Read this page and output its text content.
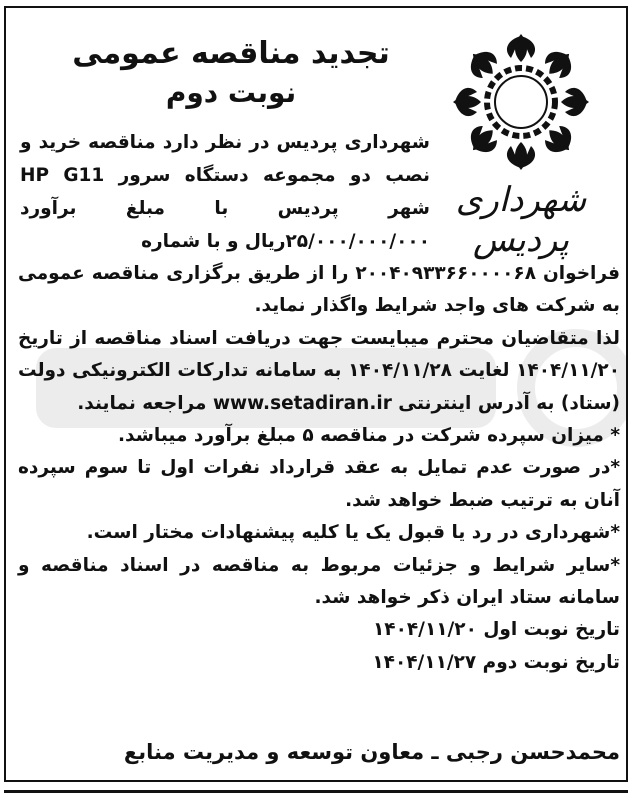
شهرداری پردیس

تجدید مناقصه عمومی

نوبت دوم

شهرداری پردیس در نظر دارد مناقصه خرید و نصب دو مجموعه دستگاه سرور HP G11 شهر پردیس با مبلغ برآورد ۲۵/۰۰۰/۰۰۰/۰۰۰ریال و با شماره

فراخوان ۲۰۰۴۰۹۳۳۶۶۰۰۰۰۶۸ را از طریق برگزاری مناقصه عمومی به شرکت های واجد شرایط واگذار نماید.

لذا متقاضیان محترم میبایست جهت دریافت اسناد مناقصه از تاریخ ۱۴۰۴/۱۱/۲۰ لغایت ۱۴۰۴/۱۱/۲۸ به سامانه تدارکات الکترونیکی دولت (ستاد) به آدرس اینترنتی www.setadiran.ir مراجعه نمایند.

* میزان سپرده شرکت در مناقصه ۵ مبلغ برآورد میباشد.

*در صورت عدم تمایل به عقد قرارداد نفرات اول تا سوم سپرده آنان به ترتیب ضبط خواهد شد.

*شهرداری در رد یا قبول یک یا کلیه پیشنهادات مختار است.

*سایر شرایط و جزئیات مربوط به مناقصه در اسناد مناقصه و سامانه ستاد ایران ذکر خواهد شد.

تاریخ نوبت اول ۱۴۰۴/۱۱/۲۰

تاریخ نوبت دوم ۱۴۰۴/۱۱/۲۷

محمدحسن رجبی ـ معاون توسعه و مدیریت منابع
